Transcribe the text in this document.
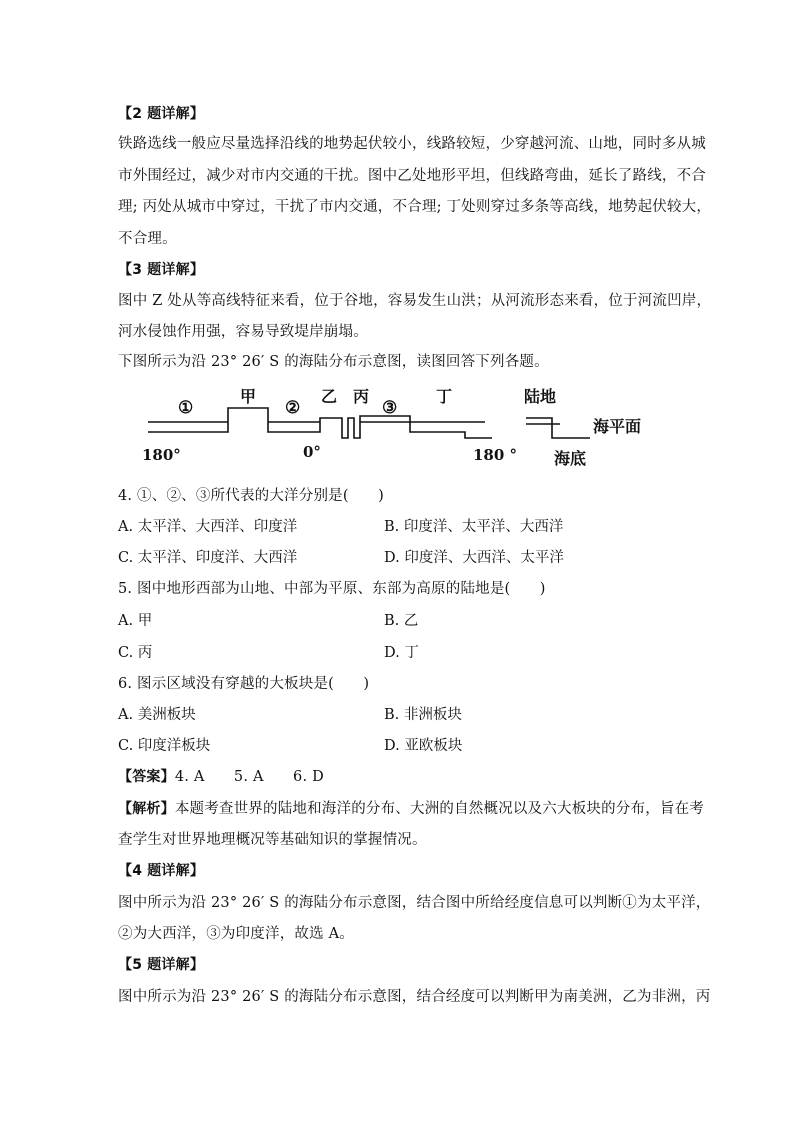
【2 题详解】
铁路选线一般应尽量选择沿线的地势起伏较小，线路较短，少穿越河流、山地，同时多从城
市外围经过，减少对市内交通的干扰。图中乙处地形平坦，但线路弯曲，延长了路线，不合
理; 丙处从城市中穿过，干扰了市内交通，不合理; 丁处则穿过多条等高线，地势起伏较大，
不合理。
【3 题详解】
图中 Z 处从等高线特征来看，位于谷地，容易发生山洪；从河流形态来看，位于河流凹岸，
河水侵蚀作用强，容易导致堤岸崩塌。
下图所示为沿 23° 26′ S 的海陆分布示意图，读图回答下列各题。
①
甲
②
乙 丙
③
丁
180°	0°	180 °
陆地
海平面
海底
4. ①、②、③所代表的大洋分别是(　　)
A. 太平洋、大西洋、印度洋	B. 印度洋、太平洋、大西洋
C. 太平洋、印度洋、大西洋	D. 印度洋、大西洋、太平洋
5. 图中地形西部为山地、中部为平原、东部为高原的陆地是(　　)
A. 甲	B. 乙
C. 丙	D. 丁
6. 图示区域没有穿越的大板块是(　　)
A. 美洲板块	B. 非洲板块
C. 印度洋板块	D. 亚欧板块
【答案】4. A　　5. A　　6. D
【解析】本题考查世界的陆地和海洋的分布、大洲的自然概况以及六大板块的分布，旨在考
查学生对世界地理概况等基础知识的掌握情况。
【4 题详解】
图中所示为沿 23° 26′ S 的海陆分布示意图，结合图中所给经度信息可以判断①为太平洋，
②为大西洋，③为印度洋，故选 A。
【5 题详解】
图中所示为沿 23° 26′ S 的海陆分布示意图，结合经度可以判断甲为南美洲，乙为非洲，丙
